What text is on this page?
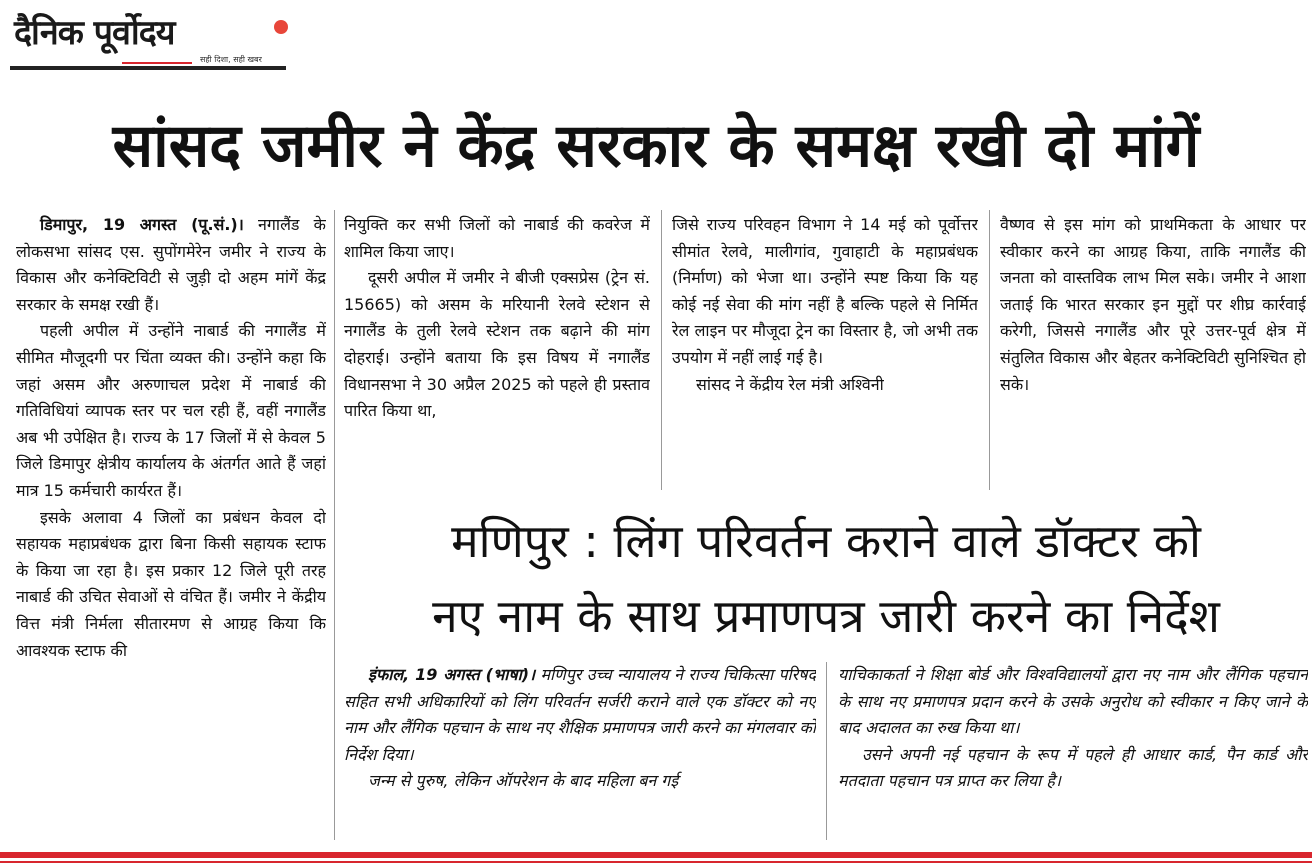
दैनिक पूर्वोदय
सही दिशा, सही खबर
सांसद जमीर ने केंद्र सरकार के समक्ष रखी दो मांगें

डिमापुर, 19 अगस्त (पू.सं.)। नगालैंड के लोकसभा सांसद एस. सुपोंगमेरेन जमीर ने राज्य के विकास और कनेक्टिविटी से जुड़ी दो अहम मांगें केंद्र सरकार के समक्ष रखी हैं।

पहली अपील में उन्होंने नाबार्ड की नगालैंड में सीमित मौजूदगी पर चिंता व्यक्त की। उन्होंने कहा कि जहां असम और अरुणाचल प्रदेश में नाबार्ड की गतिविधियां व्यापक स्तर पर चल रही हैं, वहीं नगालैंड अब भी उपेक्षित है। राज्य के 17 जिलों में से केवल 5 जिले डिमापुर क्षेत्रीय कार्यालय के अंतर्गत आते हैं जहां मात्र 15 कर्मचारी कार्यरत हैं।

इसके अलावा 4 जिलों का प्रबंधन केवल दो सहायक महाप्रबंधक द्वारा बिना किसी सहायक स्टाफ के किया जा रहा है। इस प्रकार 12 जिले पूरी तरह नाबार्ड की उचित सेवाओं से वंचित हैं। जमीर ने केंद्रीय वित्त मंत्री निर्मला सीतारमण से आग्रह किया कि आवश्यक स्टाफ की

नियुक्ति कर सभी जिलों को नाबार्ड की कवरेज में शामिल किया जाए।

दूसरी अपील में जमीर ने बीजी एक्सप्रेस (ट्रेन सं. 15665) को असम के मरियानी रेलवे स्टेशन से नगालैंड के तुली रेलवे स्टेशन तक बढ़ाने की मांग दोहराई। उन्होंने बताया कि इस विषय में नगालैंड विधानसभा ने 30 अप्रैल 2025 को पहले ही प्रस्ताव पारित किया था,

जिसे राज्य परिवहन विभाग ने 14 मई को पूर्वोत्तर सीमांत रेलवे, मालीगांव, गुवाहाटी के महाप्रबंधक (निर्माण) को भेजा था। उन्होंने स्पष्ट किया कि यह कोई नई सेवा की मांग नहीं है बल्कि पहले से निर्मित रेल लाइन पर मौजूदा ट्रेन का विस्तार है, जो अभी तक उपयोग में नहीं लाई गई है।

सांसद ने केंद्रीय रेल मंत्री अश्विनी

वैष्णव से इस मांग को प्राथमिकता के आधार पर स्वीकार करने का आग्रह किया, ताकि नगालैंड की जनता को वास्तविक लाभ मिल सके। जमीर ने आशा जताई कि भारत सरकार इन मुद्दों पर शीघ्र कार्रवाई करेगी, जिससे नगालैंड और पूरे उत्तर-पूर्व क्षेत्र में संतुलित विकास और बेहतर कनेक्टिविटी सुनिश्चित हो सके।

मणिपुर : लिंग परिवर्तन कराने वाले डॉक्टर को
नए नाम के साथ प्रमाणपत्र जारी करने का निर्देश

इंफाल, 19 अगस्त (भाषा)। मणिपुर उच्च न्यायालय ने राज्य चिकित्सा परिषद सहित सभी अधिकारियों को लिंग परिवर्तन सर्जरी कराने वाले एक डॉक्टर को नए नाम और लैंगिक पहचान के साथ नए शैक्षिक प्रमाणपत्र जारी करने का मंगलवार को निर्देश दिया।

जन्म से पुरुष, लेकिन ऑपरेशन के बाद महिला बन गई

याचिकाकर्ता ने शिक्षा बोर्ड और विश्वविद्यालयों द्वारा नए नाम और लैंगिक पहचान के साथ नए प्रमाणपत्र प्रदान करने के उसके अनुरोध को स्वीकार न किए जाने के बाद अदालत का रुख किया था।

उसने अपनी नई पहचान के रूप में पहले ही आधार कार्ड, पैन कार्ड और मतदाता पहचान पत्र प्राप्त कर लिया है।
